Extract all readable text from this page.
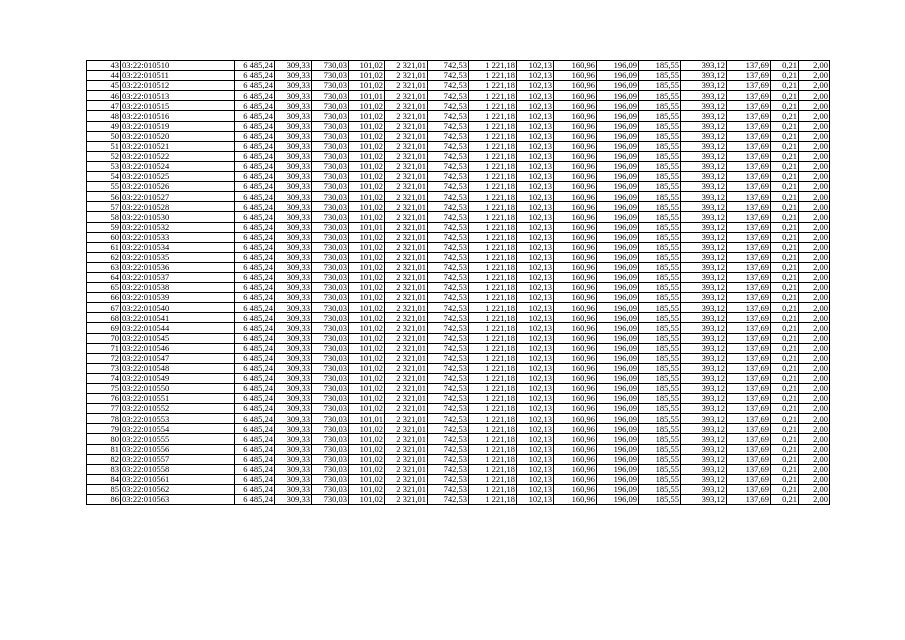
43	03:22:010510	6 485,24	309,33	730,03	101,02	2 321,01	742,53	1 221,18	102,13	160,96	196,09	185,55	393,12	137,69	0,21	2,00
44	03:22:010511	6 485,24	309,33	730,03	101,02	2 321,01	742,53	1 221,18	102,13	160,96	196,09	185,55	393,12	137,69	0,21	2,00
45	03:22:010512	6 485,24	309,33	730,03	101,02	2 321,01	742,53	1 221,18	102,13	160,96	196,09	185,55	393,12	137,69	0,21	2,00
46	03:22:010513	6 485,24	309,33	730,03	101,01	2 321,01	742,53	1 221,18	102,13	160,96	196,09	185,55	393,12	137,69	0,21	2,00
47	03:22:010515	6 485,24	309,33	730,03	101,02	2 321,01	742,53	1 221,18	102,13	160,96	196,09	185,55	393,12	137,69	0,21	2,00
48	03:22:010516	6 485,24	309,33	730,03	101,02	2 321,01	742,53	1 221,18	102,13	160,96	196,09	185,55	393,12	137,69	0,21	2,00
49	03:22:010519	6 485,24	309,33	730,03	101,02	2 321,01	742,53	1 221,18	102,13	160,96	196,09	185,55	393,12	137,69	0,21	2,00
50	03:22:010520	6 485,24	309,33	730,03	101,02	2 321,01	742,53	1 221,18	102,13	160,96	196,09	185,55	393,12	137,69	0,21	2,00
51	03:22:010521	6 485,24	309,33	730,03	101,02	2 321,01	742,53	1 221,18	102,13	160,96	196,09	185,55	393,12	137,69	0,21	2,00
52	03:22:010522	6 485,24	309,33	730,03	101,02	2 321,01	742,53	1 221,18	102,13	160,96	196,09	185,55	393,12	137,69	0,21	2,00
53	03:22:010524	6 485,24	309,33	730,03	101,02	2 321,01	742,53	1 221,18	102,13	160,96	196,09	185,55	393,12	137,69	0,21	2,00
54	03:22:010525	6 485,24	309,33	730,03	101,02	2 321,01	742,53	1 221,18	102,13	160,96	196,09	185,55	393,12	137,69	0,21	2,00
55	03:22:010526	6 485,24	309,33	730,03	101,02	2 321,01	742,53	1 221,18	102,13	160,96	196,09	185,55	393,12	137,69	0,21	2,00
56	03:22:010527	6 485,24	309,33	730,03	101,02	2 321,01	742,53	1 221,18	102,13	160,96	196,09	185,55	393,12	137,69	0,21	2,00
57	03:22:010528	6 485,24	309,33	730,03	101,02	2 321,01	742,53	1 221,18	102,13	160,96	196,09	185,55	393,12	137,69	0,21	2,00
58	03:22:010530	6 485,24	309,33	730,03	101,02	2 321,01	742,53	1 221,18	102,13	160,96	196,09	185,55	393,12	137,69	0,21	2,00
59	03:22:010532	6 485,24	309,33	730,03	101,01	2 321,01	742,53	1 221,18	102,13	160,96	196,09	185,55	393,12	137,69	0,21	2,00
60	03:22:010533	6 485,24	309,33	730,03	101,02	2 321,01	742,53	1 221,18	102,13	160,96	196,09	185,55	393,12	137,69	0,21	2,00
61	03:22:010534	6 485,24	309,33	730,03	101,02	2 321,01	742,53	1 221,18	102,13	160,96	196,09	185,55	393,12	137,69	0,21	2,00
62	03:22:010535	6 485,24	309,33	730,03	101,02	2 321,01	742,53	1 221,18	102,13	160,96	196,09	185,55	393,12	137,69	0,21	2,00
63	03:22:010536	6 485,24	309,33	730,03	101,02	2 321,01	742,53	1 221,18	102,13	160,96	196,09	185,55	393,12	137,69	0,21	2,00
64	03:22:010537	6 485,24	309,33	730,03	101,02	2 321,01	742,53	1 221,18	102,13	160,96	196,09	185,55	393,12	137,69	0,21	2,00
65	03:22:010538	6 485,24	309,33	730,03	101,02	2 321,01	742,53	1 221,18	102,13	160,96	196,09	185,55	393,12	137,69	0,21	2,00
66	03:22:010539	6 485,24	309,33	730,03	101,02	2 321,01	742,53	1 221,18	102,13	160,96	196,09	185,55	393,12	137,69	0,21	2,00
67	03:22:010540	6 485,24	309,33	730,03	101,02	2 321,01	742,53	1 221,18	102,13	160,96	196,09	185,55	393,12	137,69	0,21	2,00
68	03:22:010541	6 485,24	309,33	730,03	101,02	2 321,01	742,53	1 221,18	102,13	160,96	196,09	185,55	393,12	137,69	0,21	2,00
69	03:22:010544	6 485,24	309,33	730,03	101,02	2 321,01	742,53	1 221,18	102,13	160,96	196,09	185,55	393,12	137,69	0,21	2,00
70	03:22:010545	6 485,24	309,33	730,03	101,02	2 321,01	742,53	1 221,18	102,13	160,96	196,09	185,55	393,12	137,69	0,21	2,00
71	03:22:010546	6 485,24	309,33	730,03	101,02	2 321,01	742,53	1 221,18	102,13	160,96	196,09	185,55	393,12	137,69	0,21	2,00
72	03:22:010547	6 485,24	309,33	730,03	101,02	2 321,01	742,53	1 221,18	102,13	160,96	196,09	185,55	393,12	137,69	0,21	2,00
73	03:22:010548	6 485,24	309,33	730,03	101,02	2 321,01	742,53	1 221,18	102,13	160,96	196,09	185,55	393,12	137,69	0,21	2,00
74	03:22:010549	6 485,24	309,33	730,03	101,02	2 321,01	742,53	1 221,18	102,13	160,96	196,09	185,55	393,12	137,69	0,21	2,00
75	03:22:010550	6 485,24	309,33	730,03	101,02	2 321,01	742,53	1 221,18	102,13	160,96	196,09	185,55	393,12	137,69	0,21	2,00
76	03:22:010551	6 485,24	309,33	730,03	101,02	2 321,01	742,53	1 221,18	102,13	160,96	196,09	185,55	393,12	137,69	0,21	2,00
77	03:22:010552	6 485,24	309,33	730,03	101,02	2 321,01	742,53	1 221,18	102,13	160,96	196,09	185,55	393,12	137,69	0,21	2,00
78	03:22:010553	6 485,24	309,33	730,03	101,01	2 321,01	742,53	1 221,18	102,13	160,96	196,09	185,55	393,12	137,69	0,21	2,00
79	03:22:010554	6 485,24	309,33	730,03	101,02	2 321,01	742,53	1 221,18	102,13	160,96	196,09	185,55	393,12	137,69	0,21	2,00
80	03:22:010555	6 485,24	309,33	730,03	101,02	2 321,01	742,53	1 221,18	102,13	160,96	196,09	185,55	393,12	137,69	0,21	2,00
81	03:22:010556	6 485,24	309,33	730,03	101,02	2 321,01	742,53	1 221,18	102,13	160,96	196,09	185,55	393,12	137,69	0,21	2,00
82	03:22:010557	6 485,24	309,33	730,03	101,02	2 321,01	742,53	1 221,18	102,13	160,96	196,09	185,55	393,12	137,69	0,21	2,00
83	03:22:010558	6 485,24	309,33	730,03	101,02	2 321,01	742,53	1 221,18	102,13	160,96	196,09	185,55	393,12	137,69	0,21	2,00
84	03:22:010561	6 485,24	309,33	730,03	101,02	2 321,01	742,53	1 221,18	102,13	160,96	196,09	185,55	393,12	137,69	0,21	2,00
85	03:22:010562	6 485,24	309,33	730,03	101,02	2 321,01	742,53	1 221,18	102,13	160,96	196,09	185,55	393,12	137,69	0,21	2,00
86	03:22:010563	6 485,24	309,33	730,03	101,02	2 321,01	742,53	1 221,18	102,13	160,96	196,09	185,55	393,12	137,69	0,21	2,00
